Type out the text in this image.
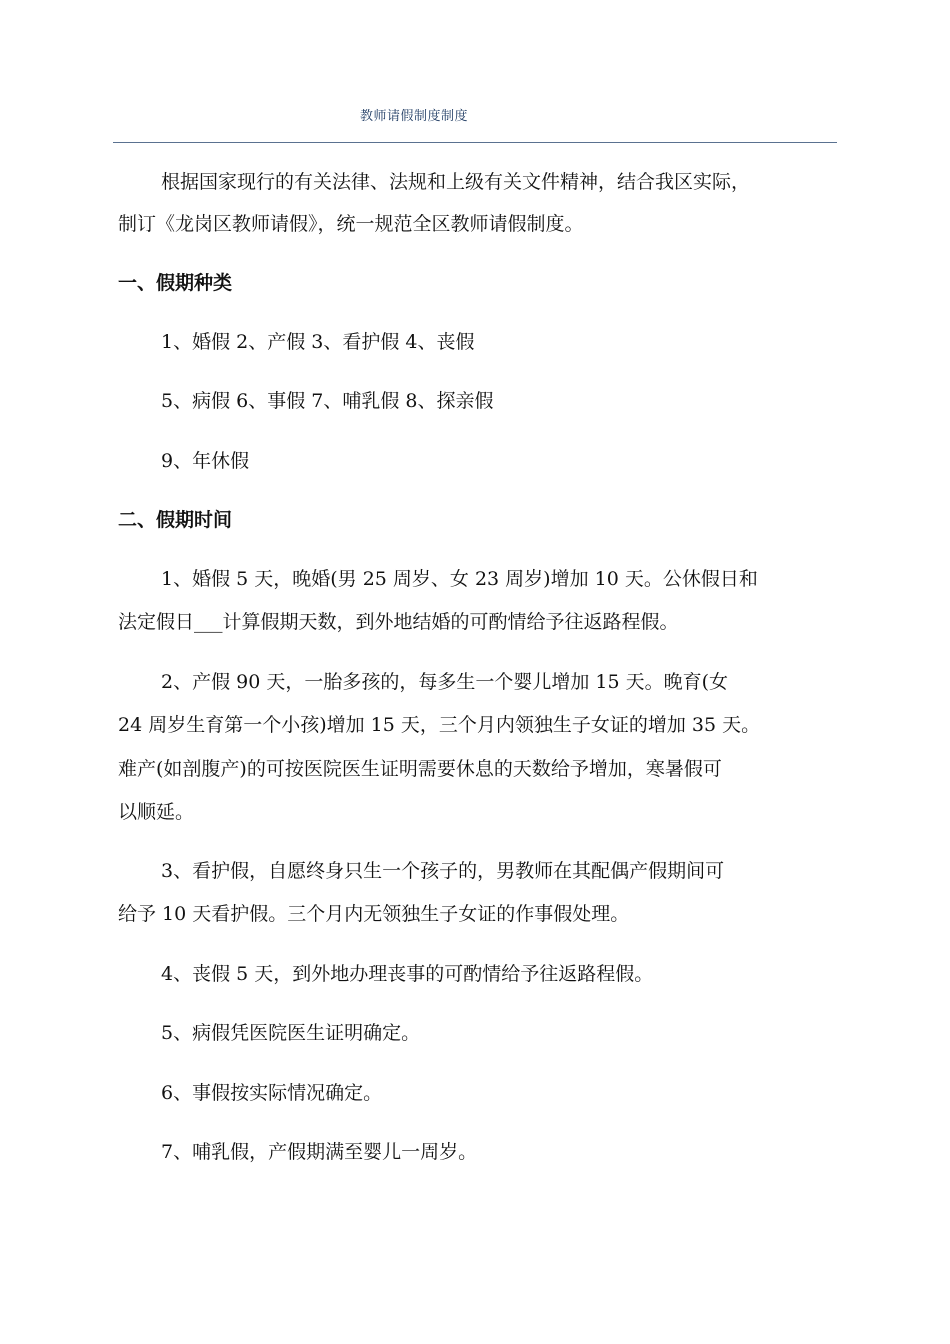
教师请假制度制度
根据国家现行的有关法律、法规和上级有关文件精神，结合我区实际，
制订《龙岗区教师请假》，统一规范全区教师请假制度。
一、假期种类
1、婚假 2、产假 3、看护假 4、丧假
5、病假 6、事假 7、哺乳假 8、探亲假
9、年休假
二、假期时间
1、婚假 5 天，晚婚(男 25 周岁、女 23 周岁)增加 10 天。公休假日和
法定假日___计算假期天数，到外地结婚的可酌情给予往返路程假。
2、产假 90 天，一胎多孩的，每多生一个婴儿增加 15 天。晚育(女
24 周岁生育第一个小孩)增加 15 天，三个月内领独生子女证的增加 35 天。
难产(如剖腹产)的可按医院医生证明需要休息的天数给予增加，寒暑假可
以顺延。
3、看护假，自愿终身只生一个孩子的，男教师在其配偶产假期间可
给予 10 天看护假。三个月内无领独生子女证的作事假处理。
4、丧假 5 天，到外地办理丧事的可酌情给予往返路程假。
5、病假凭医院医生证明确定。
6、事假按实际情况确定。
7、哺乳假，产假期满至婴儿一周岁。
